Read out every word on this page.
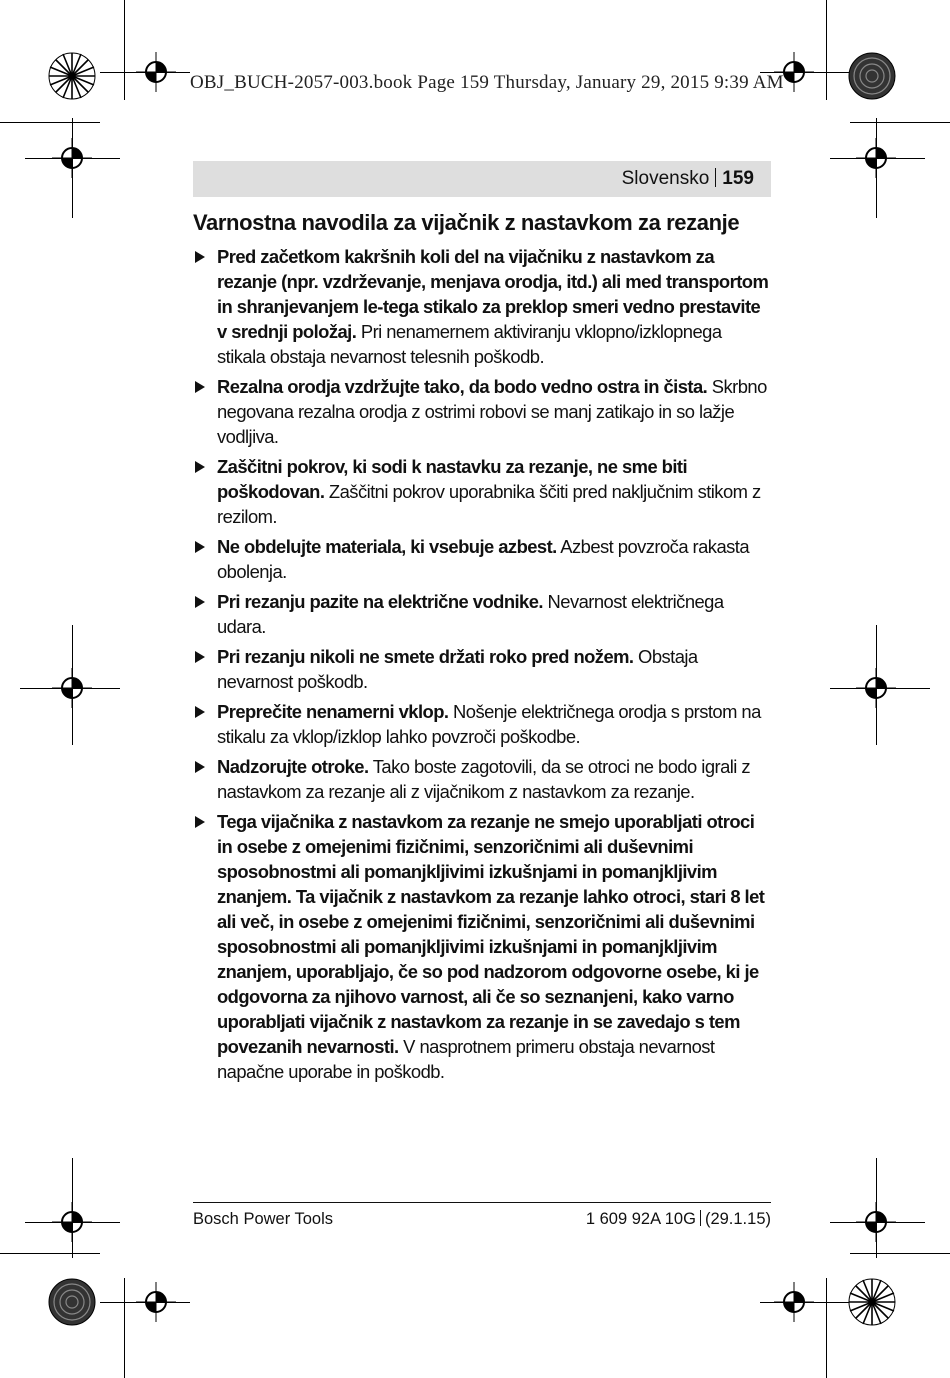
OBJ_BUCH-2057-003.book Page 159 Thursday, January 29, 2015 9:39 AM
Slovensko 159
Varnostna navodila za vijačnik z nastavkom za rezanje
Pred začetkom kakršnih koli del na vijačniku z nastavkom za rezanje (npr. vzdrževanje, menjava orodja, itd.) ali med transportom in shranjevanjem le-tega stikalo za preklop smeri vedno prestavite v srednji položaj. Pri nenamernem aktiviranju vklopno/izklopnega stikala obstaja nevarnost telesnih poškodb.
Rezalna orodja vzdržujte tako, da bodo vedno ostra in čista. Skrbno negovana rezalna orodja z ostrimi robovi se manj zatikajo in so lažje vodljiva.
Zaščitni pokrov, ki sodi k nastavku za rezanje, ne sme biti poškodovan. Zaščitni pokrov uporabnika ščiti pred naključnim stikom z rezilom.
Ne obdelujte materiala, ki vsebuje azbest. Azbest povzroča rakasta obolenja.
Pri rezanju pazite na električne vodnike. Nevarnost električnega udara.
Pri rezanju nikoli ne smete držati roko pred nožem. Obstaja nevarnost poškodb.
Preprečite nenamerni vklop. Nošenje električnega orodja s prstom na stikalu za vklop/izklop lahko povzroči poškodbe.
Nadzorujte otroke. Tako boste zagotovili, da se otroci ne bodo igrali z nastavkom za rezanje ali z vijačnikom z nastavkom za rezanje.
Tega vijačnika z nastavkom za rezanje ne smejo uporabljati otroci in osebe z omejenimi fizičnimi, senzoričnimi ali duševnimi sposobnostmi ali pomanjkljivimi izkušnjami in pomanjkljivim znanjem. Ta vijačnik z nastavkom za rezanje lahko otroci, stari 8 let ali več, in osebe z omejenimi fizičnimi, senzoričnimi ali duševnimi sposobnostmi ali pomanjkljivimi izkušnjami in pomanjkljivim znanjem, uporabljajo, če so pod nadzorom odgovorne osebe, ki je odgovorna za njihovo varnost, ali če so seznanjeni, kako varno uporabljati vijačnik z nastavkom za rezanje in se zavedajo s tem povezanih nevarnosti. V nasprotnem primeru obstaja nevarnost napačne uporabe in poškodb.
Bosch Power Tools	1 609 92A 10G (29.1.15)
